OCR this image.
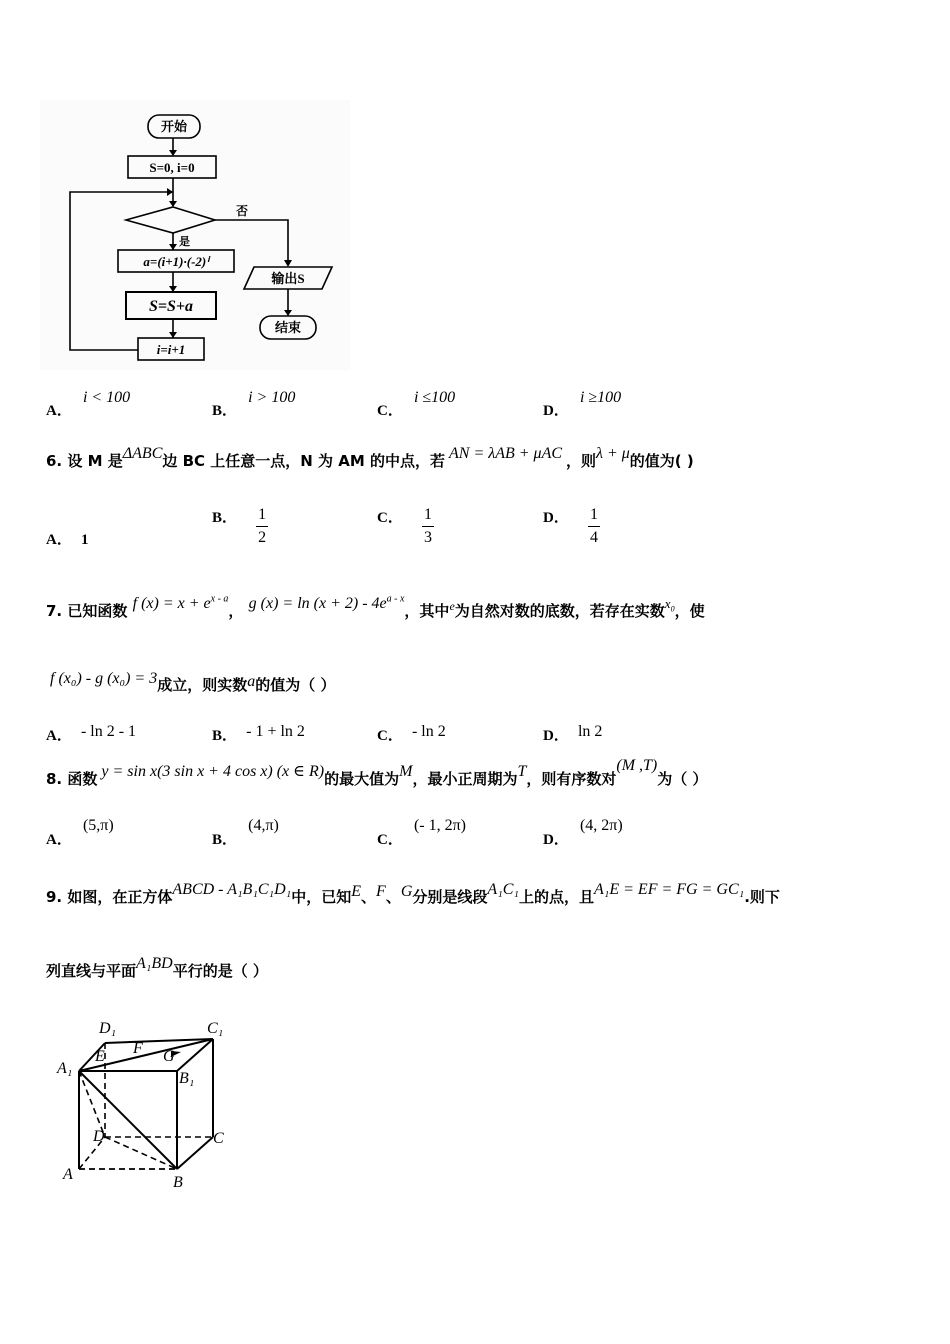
开始
S=0, i=0
否
是
a=(i+1)·(-2)ⁱ
S=S+a
输出S
结束
i=i+1
A． i < 100
B． i > 100
C． i ≤100
D． i ≥100
6. 设 M 是ΔABC边 BC 上任意一点，N 为 AM 的中点，若 AN = λAB + μAC ，则λ + μ的值为( )
A． 1
B． $\frac{1}{2}$	C． $\frac{1}{3}$	D． $\frac{1}{4}$
7. 已知函数 f $(x) = x + e^{x - a}$， g $(x) = \ln (x + 2) - 4e^{a - x}$，其中$^e$为自然对数的底数，若存在实数$x_0$，使
f (x₀) - g (x₀) = 3成立，则实数a的值为（ ）
A． - ln 2 - 1	B． - 1 + ln 2	C． - ln 2	D． ln 2
8. 函数 y = sin x(3 sin x + 4 cos x) (x ∈ R)的最大值为M，最小正周期为T，则有序数对(M ,T)为（ ）
A． (5,π)
B． (4,π)
C． (- 1, 2π)
D． (4, 2π)
9. 如图，在正方体ABCD - A₁B₁C₁D₁中，已知E、F、G分别是线段A₁C₁上的点，且A₁E = EF = FG = GC₁.则下
列直线与平面A₁BD平行的是（ ）
D₁	C₁
A₁
E F G
B₁
D	C
A	B
